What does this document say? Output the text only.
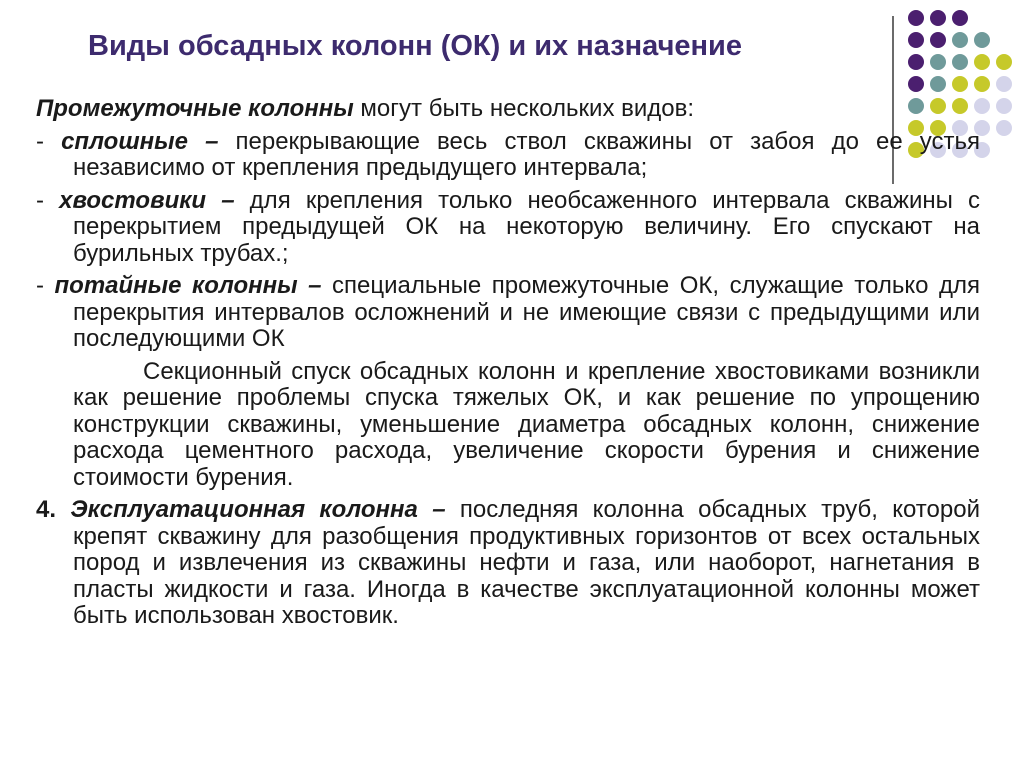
Виды обсадных колонн (ОК) и их назначение

Промежуточные колонны могут быть нескольких видов:

- сплошные – перекрывающие весь ствол скважины от забоя до ее устья независимо от крепления предыдущего интервала;

- хвостовики – для крепления только необсаженного интервала скважины с перекрытием предыдущей ОК на некоторую величину. Его спускают на бурильных трубах.;

- потайные колонны – специальные промежуточные ОК, служащие только для перекрытия интервалов осложнений и не имеющие связи с предыдущими или последующими ОК

Секционный спуск обсадных колонн и крепление хвостовиками возникли как решение проблемы спуска тяжелых ОК, и как решение по упрощению конструкции скважины, уменьшение диаметра обсадных колонн, снижение расхода цементного расхода, увеличение скорости бурения и снижение стоимости бурения.

4. Эксплуатационная колонна – последняя колонна обсадных труб, которой крепят скважину для разобщения продуктивных горизонтов от всех остальных пород и извлечения из скважины нефти и газа, или наоборот, нагнетания в пласты жидкости и газа. Иногда в качестве эксплуатационной колонны может быть использован хвостовик.
